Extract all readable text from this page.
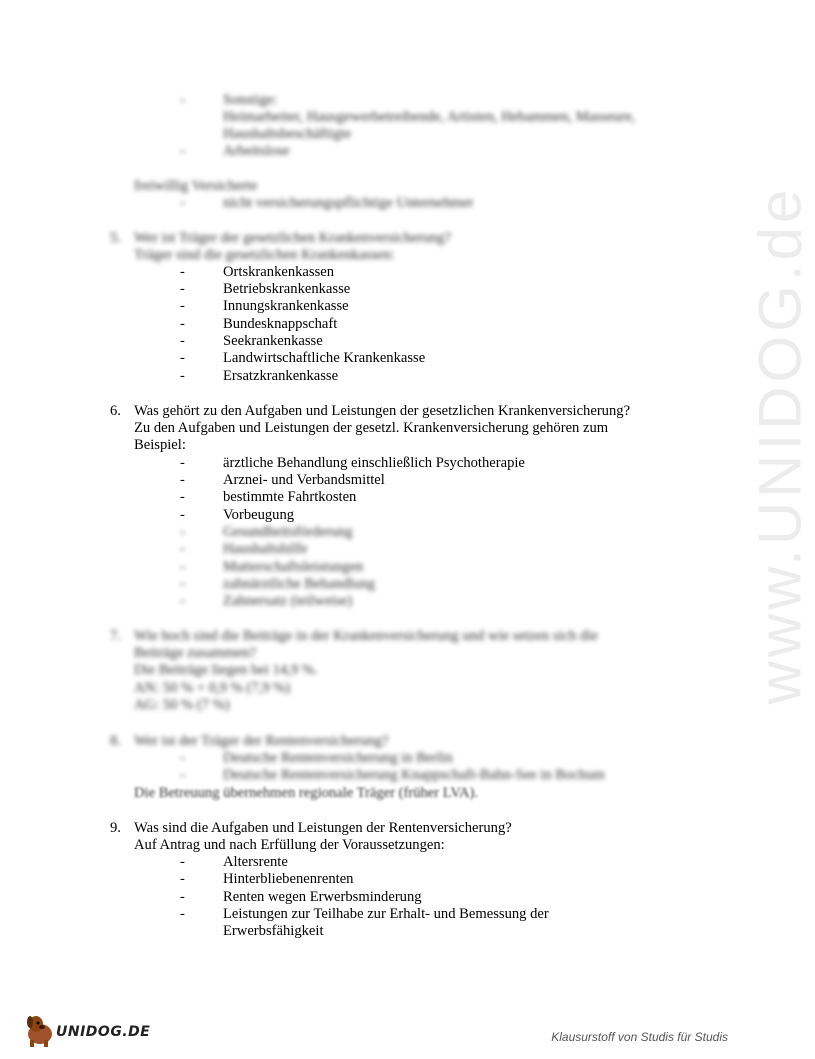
www.UNIDOG.de
-	Sonstige:
Heimarbeiter, Hausgewerbetreibende, Artisten, Hebammen, Masseure,
Haushaltsbeschäftigte
-	Arbeitslose
freiwillig Versicherte
-	nicht versicherungspflichtige Unternehmer
5. Wer ist Träger der gesetzlichen Krankenversicherung?
Träger sind die gesetzlichen Krankenkassen:
-	Ortskrankenkassen
-	Betriebskrankenkasse
-	Innungskrankenkasse
-	Bundesknappschaft
-	Seekrankenkasse
-	Landwirtschaftliche Krankenkasse
-	Ersatzkrankenkasse
6. Was gehört zu den Aufgaben und Leistungen der gesetzlichen Krankenversicherung?
Zu den Aufgaben und Leistungen der gesetzl. Krankenversicherung gehören zum
Beispiel:
-	ärztliche Behandlung einschließlich Psychotherapie
-	Arznei- und Verbandsmittel
-	bestimmte Fahrtkosten
-	Vorbeugung
-	Gesundheitsförderung
-	Haushaltshilfe
-	Mutterschaftsleistungen
-	zahnärztliche Behandlung
-	Zahnersatz (teilweise)
7. Wie hoch sind die Beiträge in der Krankenversicherung und wie setzen sich die
Beiträge zusammen?
Die Beiträge liegen bei 14,9 %.
AN: 50 % + 0,9 % (7,9 %)
AG: 50 % (7 %)
8. Wer ist der Träger der Rentenversicherung?
-	Deutsche Rentenversicherung in Berlin
-	Deutsche Rentenversicherung Knappschaft-Bahn-See in Bochum
Die Betreuung übernehmen regionale Träger (früher LVA).
9. Was sind die Aufgaben und Leistungen der Rentenversicherung?
Auf Antrag und nach Erfüllung der Voraussetzungen:
-	Altersrente
-	Hinterbliebenenrenten
-	Renten wegen Erwerbsminderung
-	Leistungen zur Teilhabe zur Erhalt- und Bemessung der
Erwerbsfähigkeit
UNIDOG.DE	Klausurstoff von Studis für Studis
